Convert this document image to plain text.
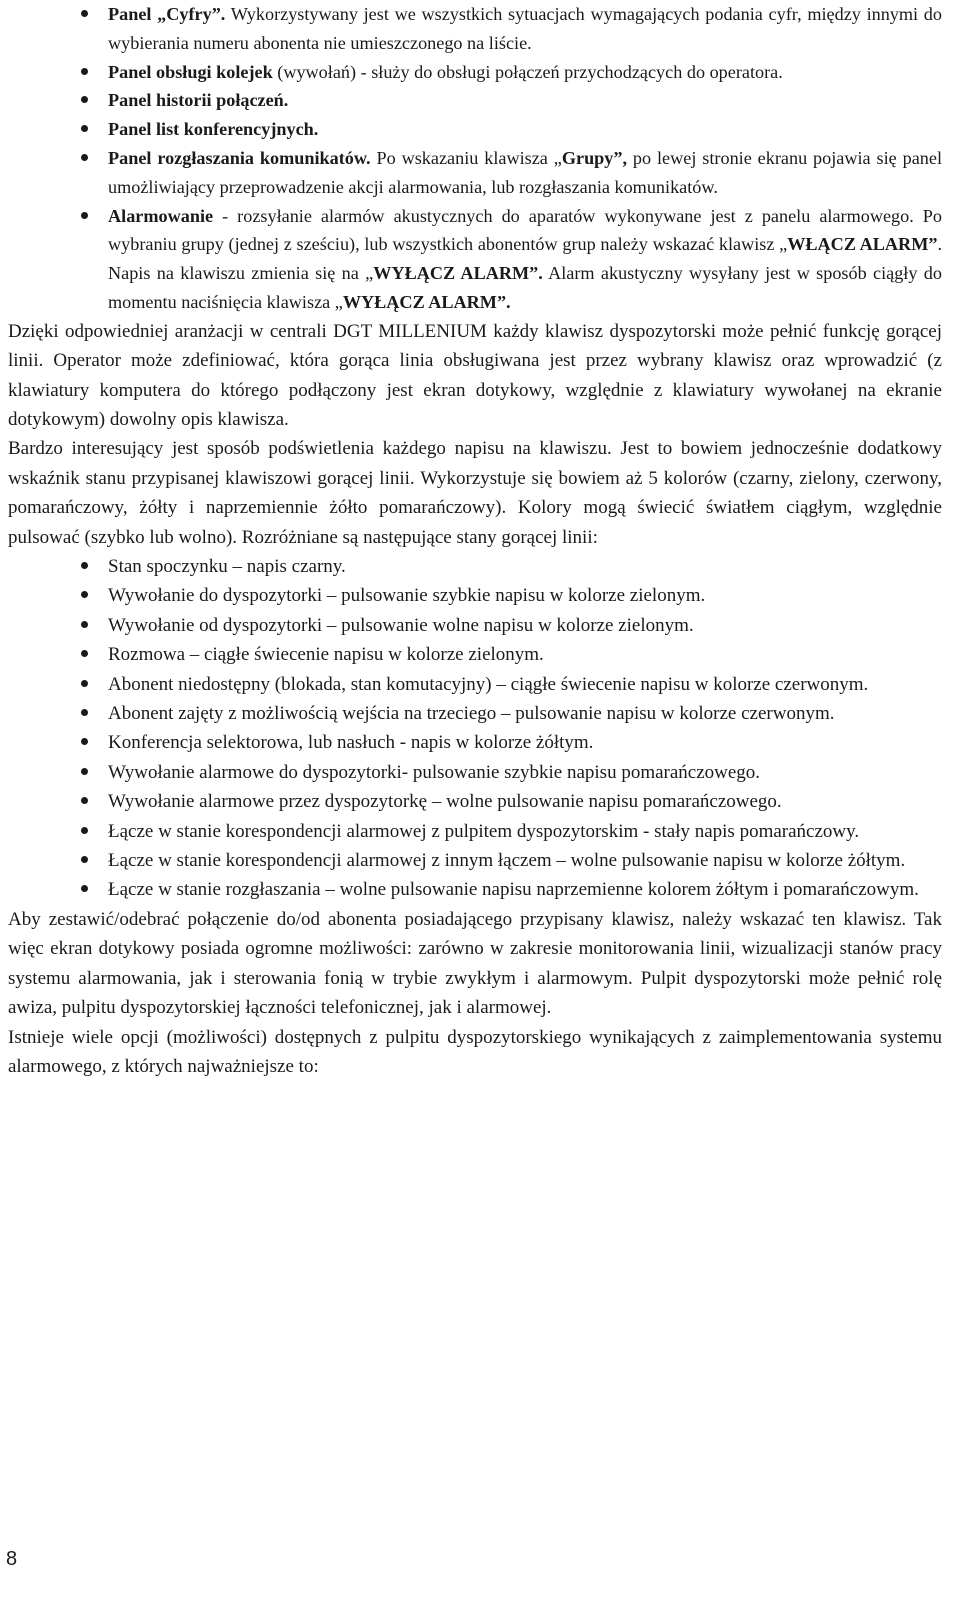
Panel „Cyfry”. Wykorzystywany jest we wszystkich sytuacjach wymagających podania cyfr, między innymi do wybierania numeru abonenta nie umieszczonego na liście.
Panel obsługi kolejek (wywołań) - służy do obsługi połączeń przychodzących do operatora.
Panel historii połączeń.
Panel list konferencyjnych.
Panel rozgłaszania komunikatów. Po wskazaniu klawisza „Grupy”, po lewej stronie ekranu pojawia się panel umożliwiający przeprowadzenie akcji alarmowania, lub rozgłaszania komunikatów.
Alarmowanie - rozsyłanie alarmów akustycznych do aparatów wykonywane jest z panelu alarmowego. Po wybraniu grupy (jednej z sześciu), lub wszystkich abonentów grup należy wskazać klawisz „WŁĄCZ ALARM”. Napis na klawiszu zmienia się na „WYŁĄCZ ALARM”. Alarm akustyczny wysyłany jest w sposób ciągły do momentu naciśnięcia klawisza „WYŁĄCZ ALARM”.

Dzięki odpowiedniej aranżacji w centrali DGT MILLENIUM każdy klawisz dyspozytorski może pełnić funkcję gorącej linii. Operator może zdefiniować, która gorąca linia obsługiwana jest przez wybrany klawisz oraz wprowadzić (z klawiatury komputera do którego podłączony jest ekran dotykowy, względnie z klawiatury wywołanej na ekranie dotykowym) dowolny opis klawisza.

Bardzo interesujący jest sposób podświetlenia każdego napisu na klawiszu. Jest to bowiem jednocześnie dodatkowy wskaźnik stanu przypisanej klawiszowi gorącej linii. Wykorzystuje się bowiem aż 5 kolorów (czarny, zielony, czerwony, pomarańczowy, żółty i naprzemiennie żółto pomarańczowy). Kolory mogą świecić światłem ciągłym, względnie pulsować (szybko lub wolno). Rozróżniane są następujące stany gorącej linii:

Stan spoczynku – napis czarny.
Wywołanie do dyspozytorki – pulsowanie szybkie napisu w kolorze zielonym.
Wywołanie od dyspozytorki – pulsowanie wolne napisu w kolorze zielonym.
Rozmowa – ciągłe świecenie napisu w kolorze zielonym.
Abonent niedostępny (blokada, stan komutacyjny) – ciągłe świecenie napisu w kolorze czerwonym.
Abonent zajęty z możliwością wejścia na trzeciego – pulsowanie napisu w kolorze czerwonym.
Konferencja selektorowa, lub nasłuch - napis w kolorze żółtym.
Wywołanie alarmowe do dyspozytorki- pulsowanie szybkie napisu pomarańczowego.
Wywołanie alarmowe przez dyspozytorkę – wolne pulsowanie napisu pomarańczowego.
Łącze w stanie korespondencji alarmowej z pulpitem dyspozytorskim - stały napis pomarańczowy.
Łącze w stanie korespondencji alarmowej z innym łączem – wolne pulsowanie napisu w kolorze żółtym.
Łącze w stanie rozgłaszania – wolne pulsowanie napisu naprzemienne kolorem żółtym i pomarańczowym.

Aby zestawić/odebrać połączenie do/od abonenta posiadającego przypisany klawisz, należy wskazać ten klawisz. Tak więc ekran dotykowy posiada ogromne możliwości: zarówno w zakresie monitorowania linii, wizualizacji stanów pracy systemu alarmowania, jak i sterowania fonią w trybie zwykłym i alarmowym. Pulpit dyspozytorski może pełnić rolę awiza, pulpitu dyspozytorskiej łączności telefonicznej, jak i alarmowej.

Istnieje wiele opcji (możliwości) dostępnych z pulpitu dyspozytorskiego wynikających z zaimplementowania systemu alarmowego, z których najważniejsze to:

8
